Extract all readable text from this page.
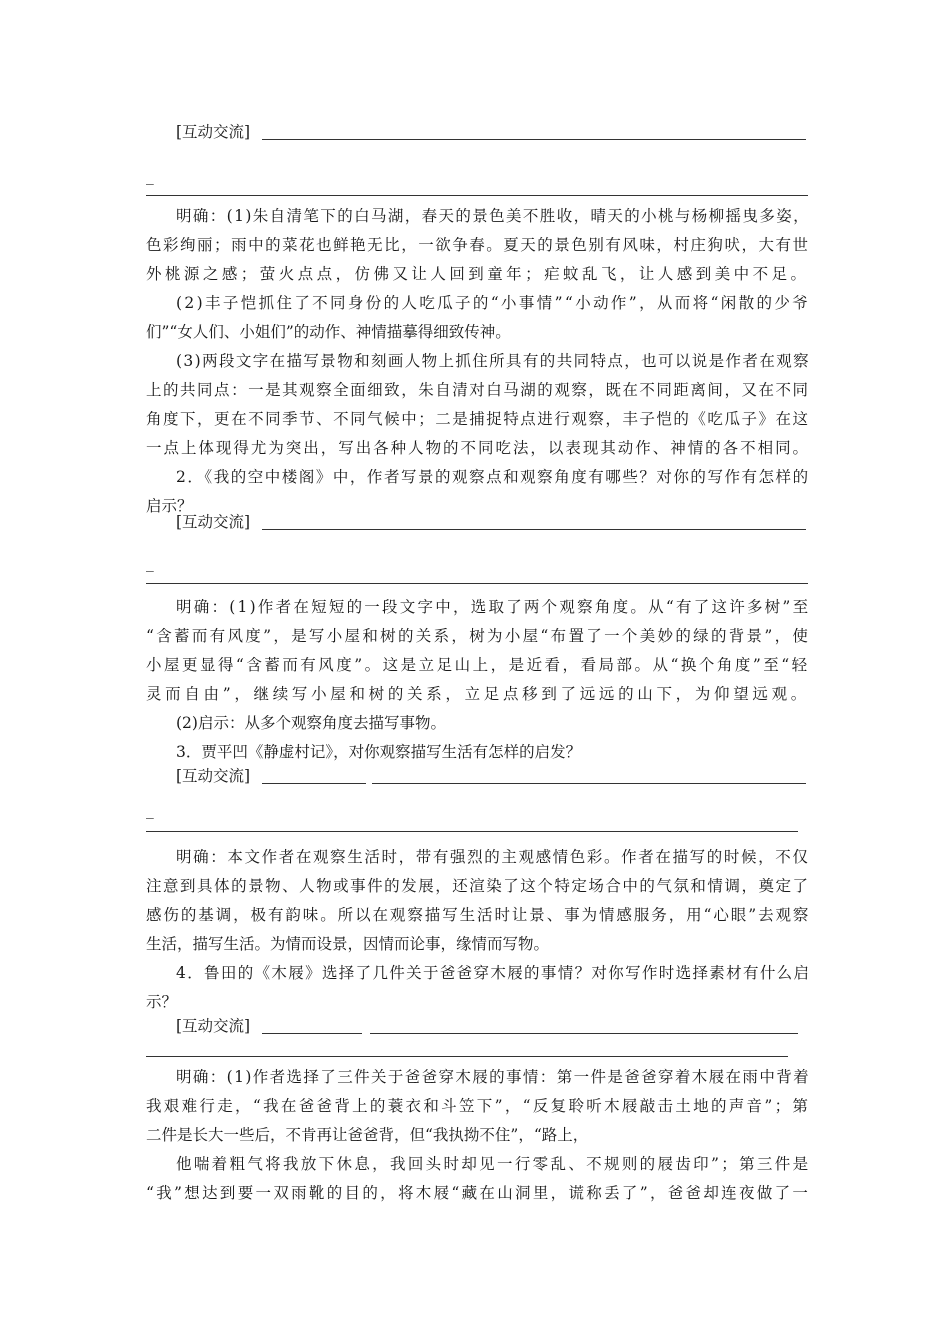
[互动交流]
_
明确：(1)朱自清笔下的白马湖，春天的景色美不胜收，晴天的小桃与杨柳摇曳多姿，
色彩绚丽；雨中的菜花也鲜艳无比，一欲争春。夏天的景色别有风味，村庄狗吠，大有世
外桃源之感；萤火点点，仿佛又让人回到童年；疟蚊乱飞，让人感到美中不足。
(2)丰子恺抓住了不同身份的人吃瓜子的“小事情”“小动作”，从而将“闲散的少爷
们”“女人们、小姐们”的动作、神情描摹得细致传神。
(3)两段文字在描写景物和刻画人物上抓住所具有的共同特点，也可以说是作者在观察
上的共同点：一是其观察全面细致，朱自清对白马湖的观察，既在不同距离间，又在不同
角度下，更在不同季节、不同气候中；二是捕捉特点进行观察，丰子恺的《吃瓜子》在这
一点上体现得尤为突出，写出各种人物的不同吃法，以表现其动作、神情的各不相同。
2．《我的空中楼阁》中，作者写景的观察点和观察角度有哪些？对你的写作有怎样的
启示？
[互动交流]
_
明确：(1)作者在短短的一段文字中，选取了两个观察角度。从“有了这许多树”至
“含蓄而有风度”，是写小屋和树的关系，树为小屋“布置了一个美妙的绿的背景”，使
小屋更显得“含蓄而有风度”。这是立足山上，是近看，看局部。从“换个角度”至“轻
灵而自由”，继续写小屋和树的关系，立足点移到了远远的山下，为仰望远观。
(2)启示：从多个观察角度去描写事物。
3．贾平凹《静虚村记》，对你观察描写生活有怎样的启发？
[互动交流]
_
明确：本文作者在观察生活时，带有强烈的主观感情色彩。作者在描写的时候，不仅
注意到具体的景物、人物或事件的发展，还渲染了这个特定场合中的气氛和情调，奠定了
感伤的基调，极有韵味。所以在观察描写生活时让景、事为情感服务，用“心眼”去观察
生活，描写生活。为情而设景，因情而论事，缘情而写物。
4．鲁田的《木屐》选择了几件关于爸爸穿木屐的事情？对你写作时选择素材有什么启
示？
[互动交流]
明确：(1)作者选择了三件关于爸爸穿木屐的事情：第一件是爸爸穿着木屐在雨中背着
我艰难行走，“我在爸爸背上的蓑衣和斗笠下”，“反复聆听木屐敲击土地的声音”；第
二件是长大一些后，不肯再让爸爸背，但“我执拗不住”，“路上，
他喘着粗气将我放下休息，我回头时却见一行零乱、不规则的屐齿印”；第三件是
“我”想达到要一双雨靴的目的，将木屐“藏在山洞里，谎称丢了”，爸爸却连夜做了一
